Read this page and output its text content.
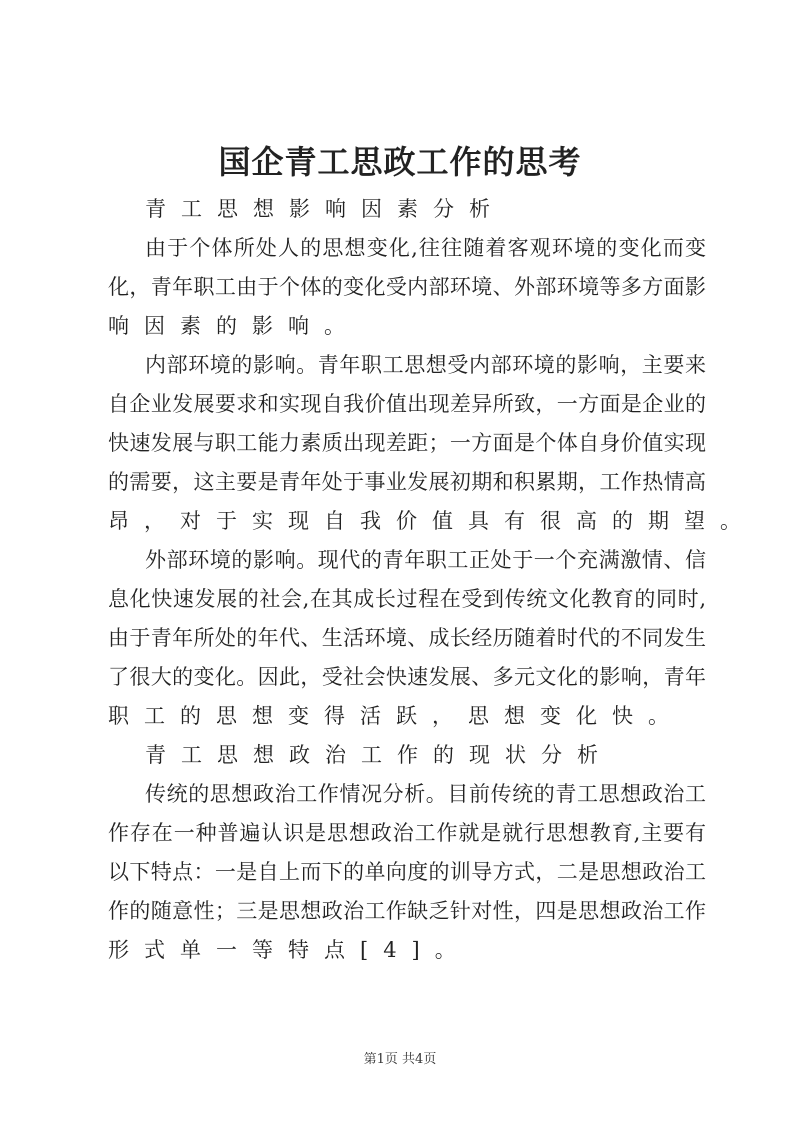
国企青工思政工作的思考
青工思想影响因素分析
由于个体所处人的思想变化,往往随着客观环境的变化而变
化，青年职工由于个体的变化受内部环境、外部环境等多方面影
响因素的影响。
内部环境的影响。青年职工思想受内部环境的影响，主要来
自企业发展要求和实现自我价值出现差异所致，一方面是企业的
快速发展与职工能力素质出现差距；一方面是个体自身价值实现
的需要，这主要是青年处于事业发展初期和积累期，工作热情高
昂，对于实现自我价值具有很高的期望。
外部环境的影响。现代的青年职工正处于一个充满激情、信
息化快速发展的社会,在其成长过程在受到传统文化教育的同时,
由于青年所处的年代、生活环境、成长经历随着时代的不同发生
了很大的变化。因此，受社会快速发展、多元文化的影响，青年
职工的思想变得活跃，思想变化快。
青工思想政治工作的现状分析
传统的思想政治工作情况分析。目前传统的青工思想政治工
作存在一种普遍认识是思想政治工作就是就行思想教育,主要有
以下特点：一是自上而下的单向度的训导方式，二是思想政治工
作的随意性；三是思想政治工作缺乏针对性，四是思想政治工作
形式单一等特点[4]。
第1页 共4页
